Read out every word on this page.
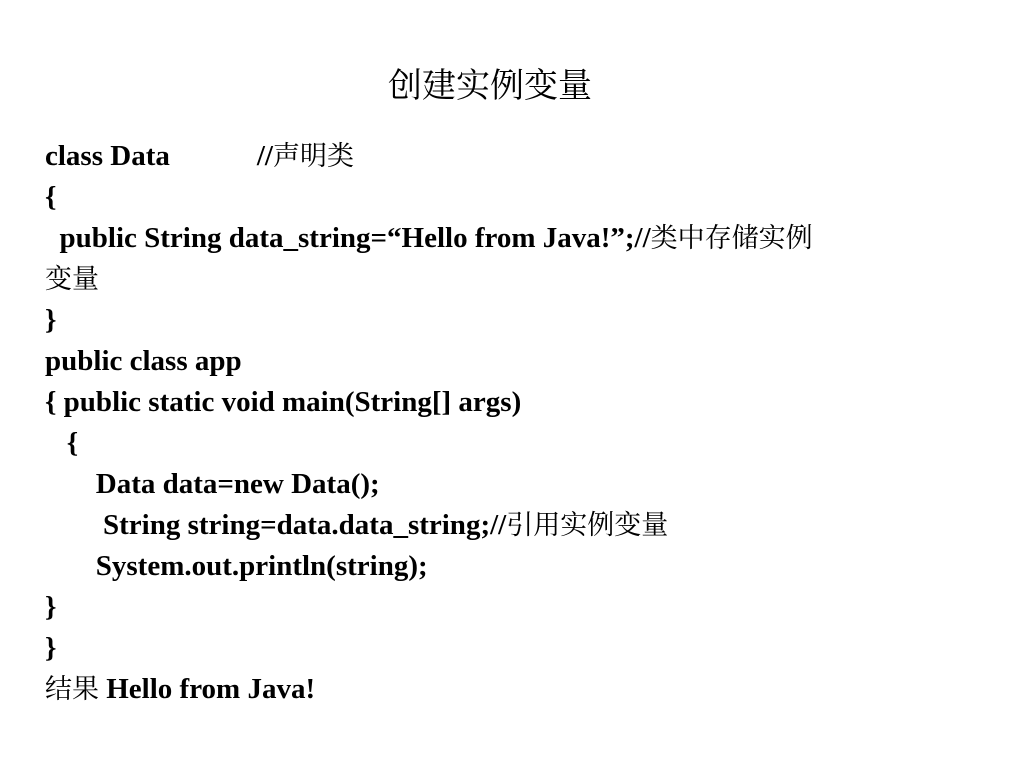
创建实例变量
class Data	//声明类
{
public String data_string=“Hello from Java!”;//类中存储实例
变量
}
public class app
{ public static void main(String[] args)
{
Data data=new Data();
String string=data.data_string;//引用实例变量
System.out.println(string);
}
}
结果 Hello from Java!
